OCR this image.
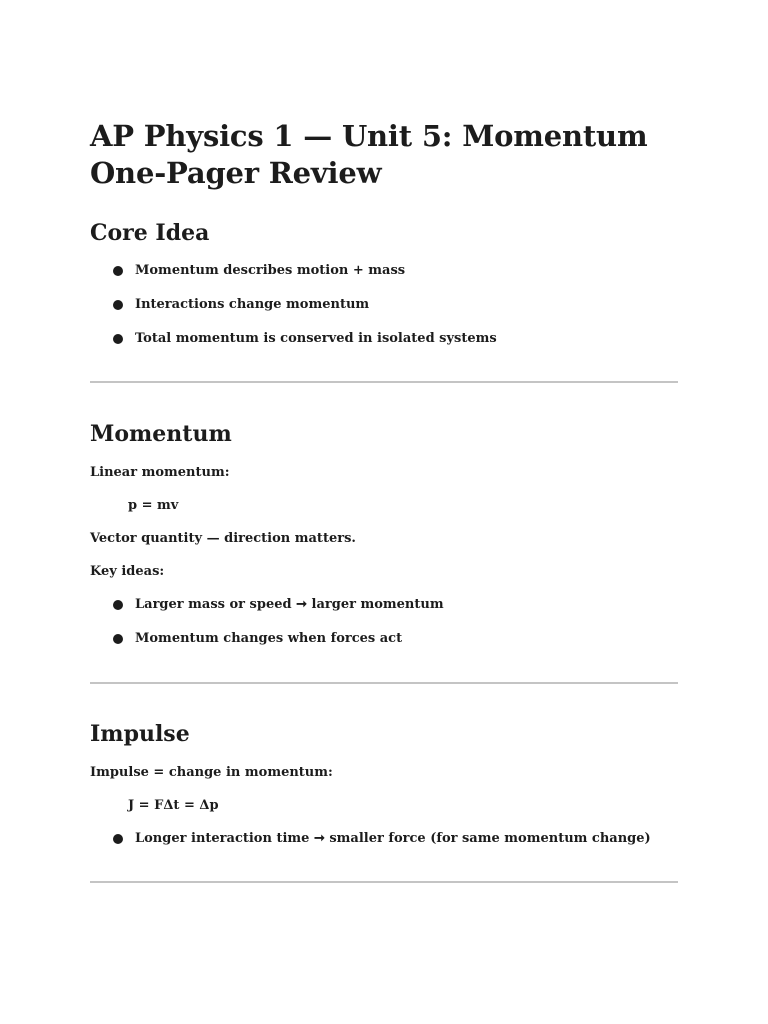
AP Physics 1 — Unit 5: Momentum One-Pager Review
Core Idea
Momentum describes motion + mass
Interactions change momentum
Total momentum is conserved in isolated systems
Momentum
Linear momentum:
p = mv
Vector quantity — direction matters.
Key ideas:
Larger mass or speed ➞ larger momentum
Momentum changes when forces act
Impulse
Impulse = change in momentum:
J = FΔt = Δp
Longer interaction time ➞ smaller force (for same momentum change)
